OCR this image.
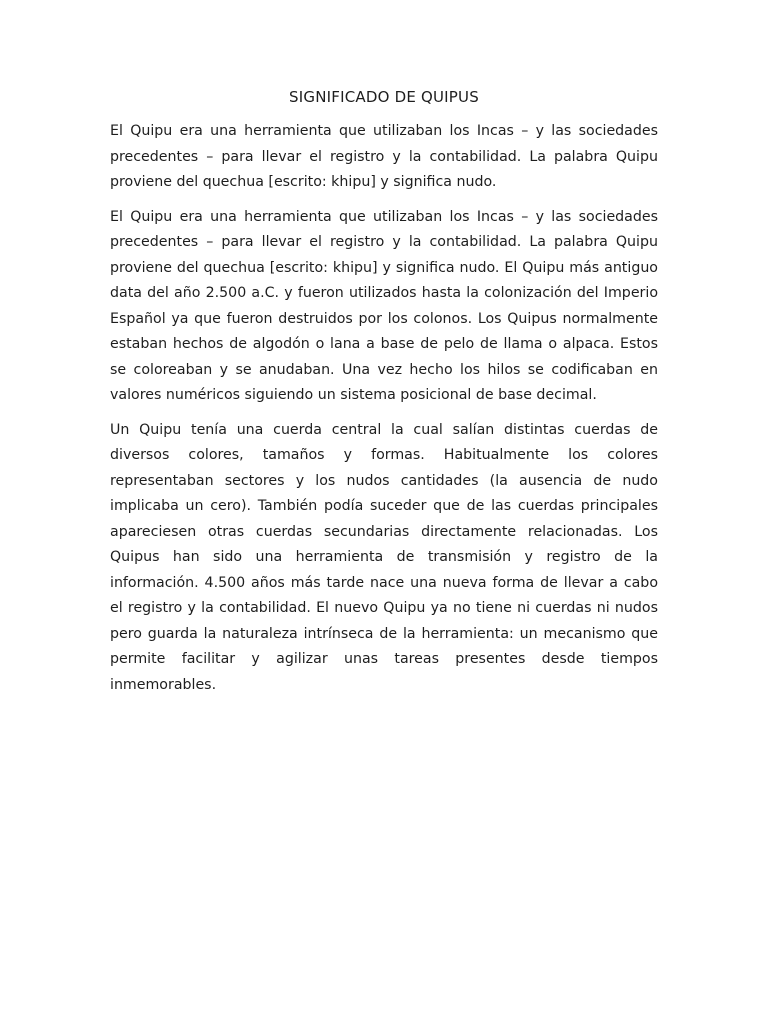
SIGNIFICADO DE QUIPUS

El Quipu era una herramienta que utilizaban los Incas – y las sociedades precedentes – para llevar el registro y la contabilidad. La palabra Quipu proviene del quechua [escrito: khipu] y significa nudo.

El Quipu era una herramienta que utilizaban los Incas – y las sociedades precedentes – para llevar el registro y la contabilidad. La palabra Quipu proviene del quechua [escrito: khipu] y significa nudo. El Quipu más antiguo data del año 2.500 a.C. y fueron utilizados hasta la colonización del Imperio Español ya que fueron destruidos por los colonos. Los Quipus normalmente estaban hechos de algodón o lana a base de pelo de llama o alpaca. Estos se coloreaban y se anudaban. Una vez hecho los hilos se codificaban en valores numéricos siguiendo un sistema posicional de base decimal.

Un Quipu tenía una cuerda central la cual salían distintas cuerdas de diversos colores, tamaños y formas. Habitualmente los colores representaban sectores y los nudos cantidades (la ausencia de nudo implicaba un cero). También podía suceder que de las cuerdas principales apareciesen otras cuerdas secundarias directamente relacionadas. Los Quipus han sido una herramienta de transmisión y registro de la información. 4.500 años más tarde nace una nueva forma de llevar a cabo el registro y la contabilidad. El nuevo Quipu ya no tiene ni cuerdas ni nudos pero guarda la naturaleza intrínseca de la herramienta: un mecanismo que permite facilitar y agilizar unas tareas presentes desde tiempos inmemorables.
